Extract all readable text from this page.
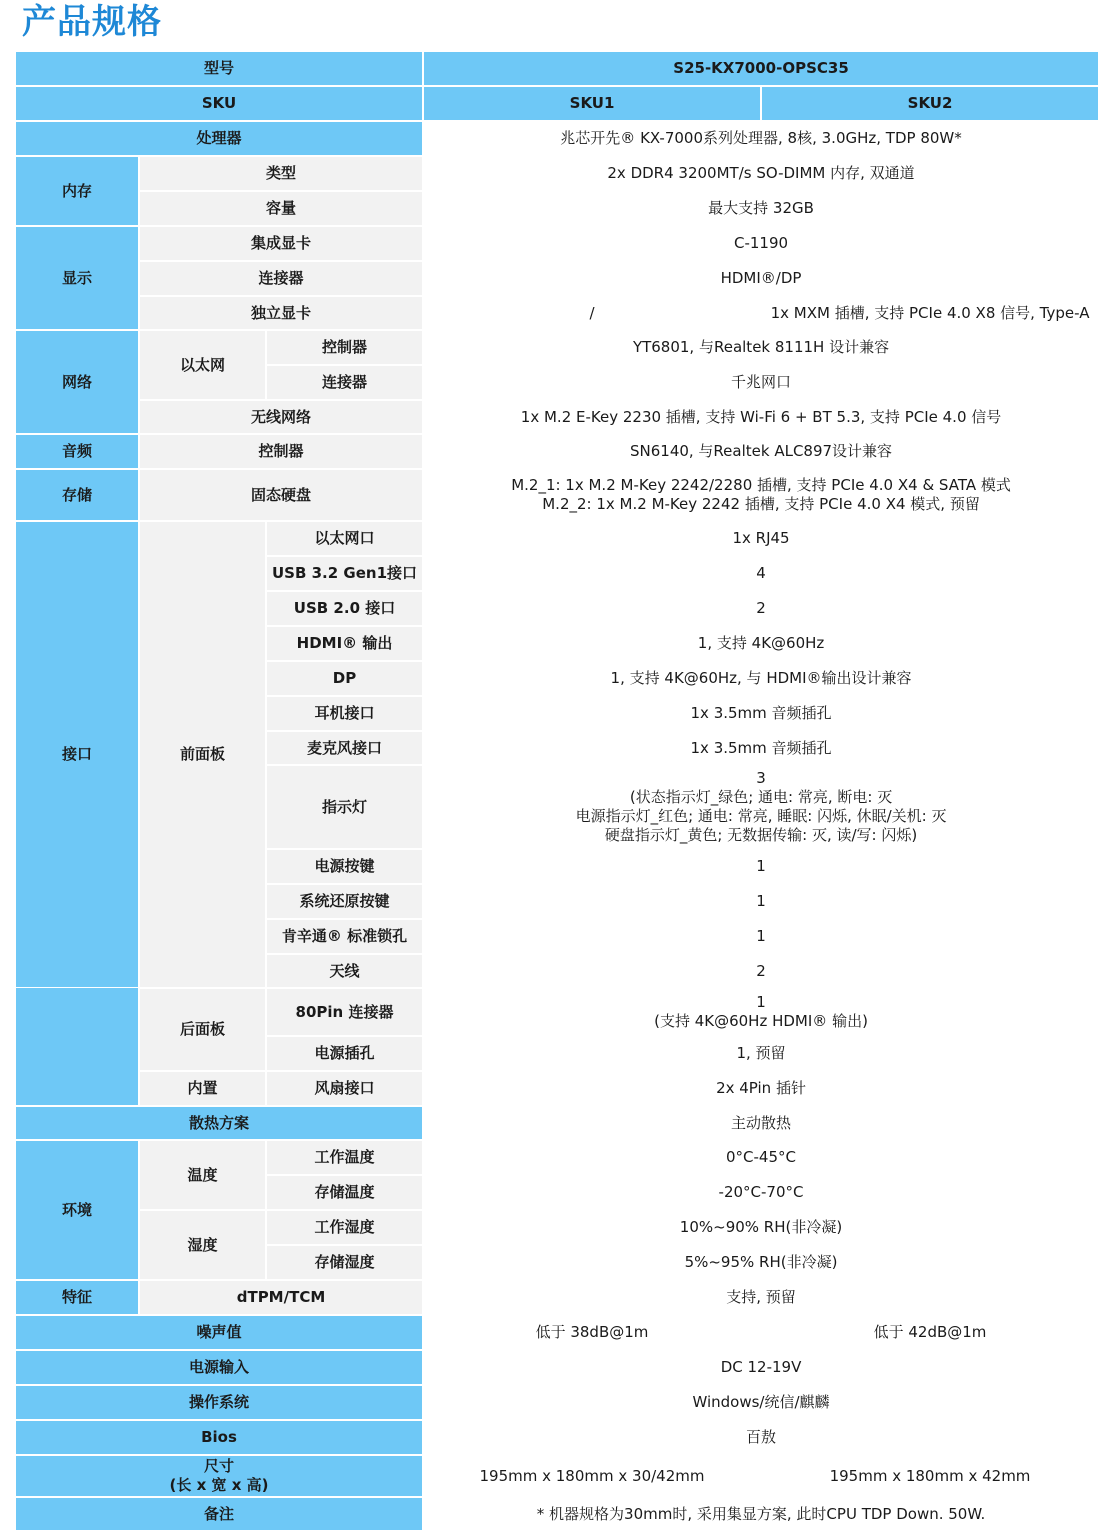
产品规格
型号			S25-KX7000-OPSC35	
SKU			SKU1	SKU2
处理器			兆芯开先® KX-7000系列处理器, 8核, 3.0GHz, TDP 80W*	
内存	类型		2x DDR4 3200MT/s SO-DIMM 内存, 双通道	
	容量		最大支持 32GB	
显示	集成显卡		C-1190	
	连接器		HDMI®/DP	
	独立显卡		/	1x MXM 插槽, 支持 PCIe 4.0 X8 信号, Type-A
网络	以太网	控制器	YT6801, 与Realtek 8111H 设计兼容	
		连接器	千兆网口	
	无线网络		1x M.2 E-Key 2230 插槽, 支持 Wi-Fi 6 + BT 5.3, 支持 PCIe 4.0 信号	
音频	控制器		SN6140, 与Realtek ALC897设计兼容	
存储	固态硬盘		M.2_1: 1x M.2 M-Key 2242/2280 插槽, 支持 PCIe 4.0 X4 & SATA 模式
M.2_2: 1x M.2 M-Key 2242 插槽, 支持 PCIe 4.0 X4 模式, 预留	

接口	前面板	以太网口	1x RJ45	
		USB 3.2 Gen1接口	4	
		USB 2.0 接口	2	
		HDMI® 输出	1, 支持 4K@60Hz	
		DP	1, 支持 4K@60Hz, 与 HDMI®输出设计兼容	
		耳机接口	1x 3.5mm 音频插孔	
		麦克风接口	1x 3.5mm 音频插孔	
		指示灯	3
(状态指示灯_绿色; 通电: 常亮, 断电: 灭
电源指示灯_红色; 通电: 常亮, 睡眠: 闪烁, 休眠/关机: 灭
硬盘指示灯_黄色; 无数据传输: 灭, 读/写: 闪烁)	

		电源按键	1	
		系统还原按键	1	
		肯辛通® 标准锁孔	1	
		天线	2	
	后面板	80Pin 连接器	1
(支持 4K@60Hz HDMI® 输出)	

		电源插孔	1, 预留	
	内置	风扇接口	2x 4Pin 插针	
散热方案			主动散热	
环境	温度	工作温度	0°C-45°C	
		存储温度	-20°C-70°C	
	湿度	工作湿度	10%~90% RH(非冷凝)	
		存储湿度	5%~95% RH(非冷凝)	
特征	dTPM/TCM		支持, 预留	
噪声值			低于 38dB@1m	低于 42dB@1m
电源输入			DC 12-19V	
操作系统			Windows/统信/麒麟	
Bios			百敖	

尺寸
(长 x 宽 x 高)			195mm x 180mm x 30/42mm	195mm x 180mm x 42mm
备注			* 机器规格为30mm时, 采用集显方案, 此时CPU TDP Down. 50W.	
